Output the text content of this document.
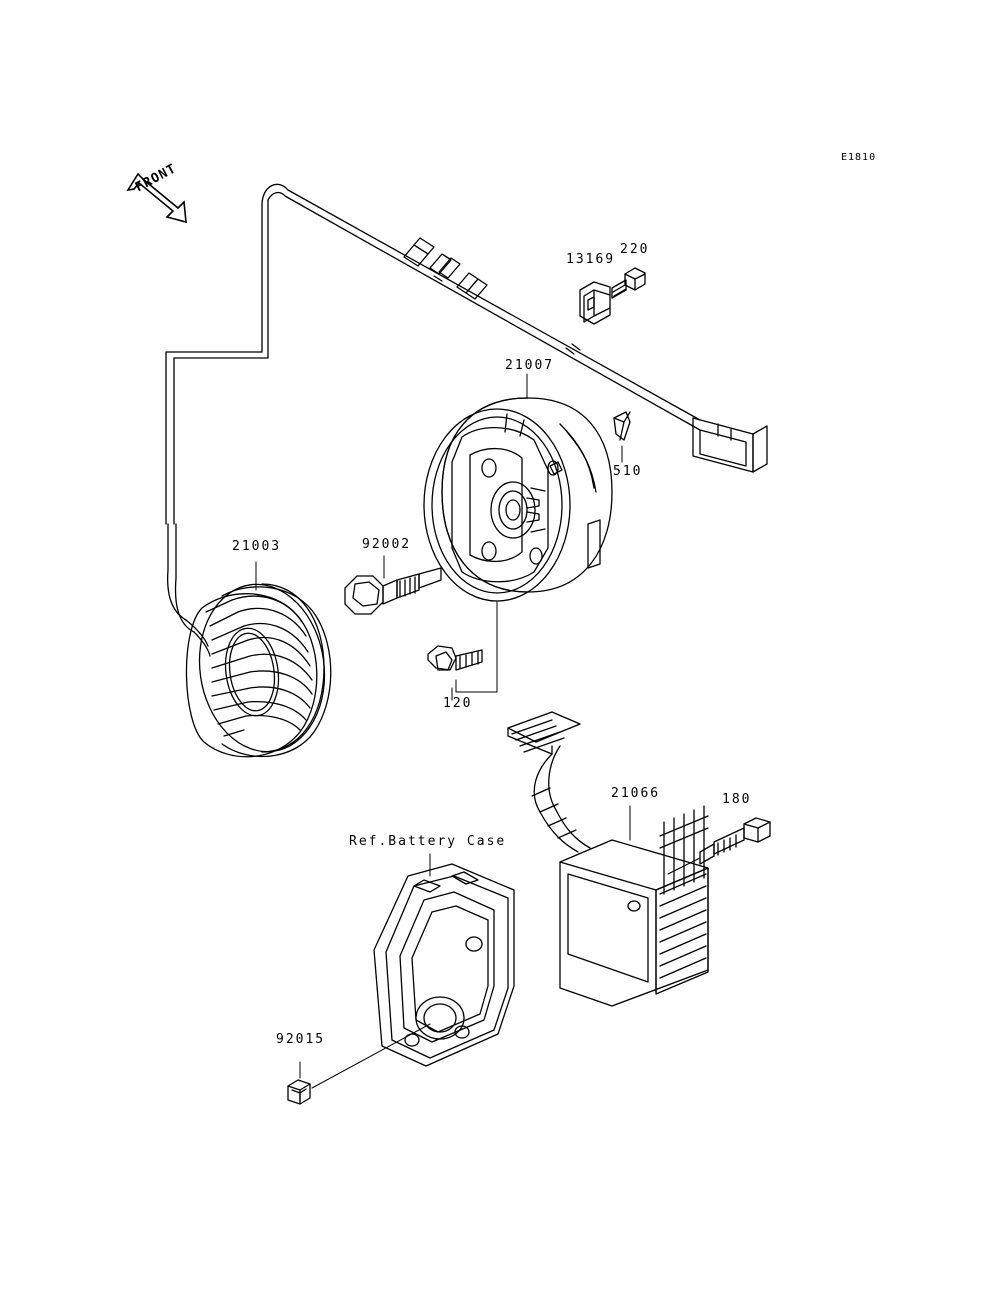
E1810
FRONT
13169
220
21007
510
21003	92002
120
21066	180
92015
Ref.Battery Case
